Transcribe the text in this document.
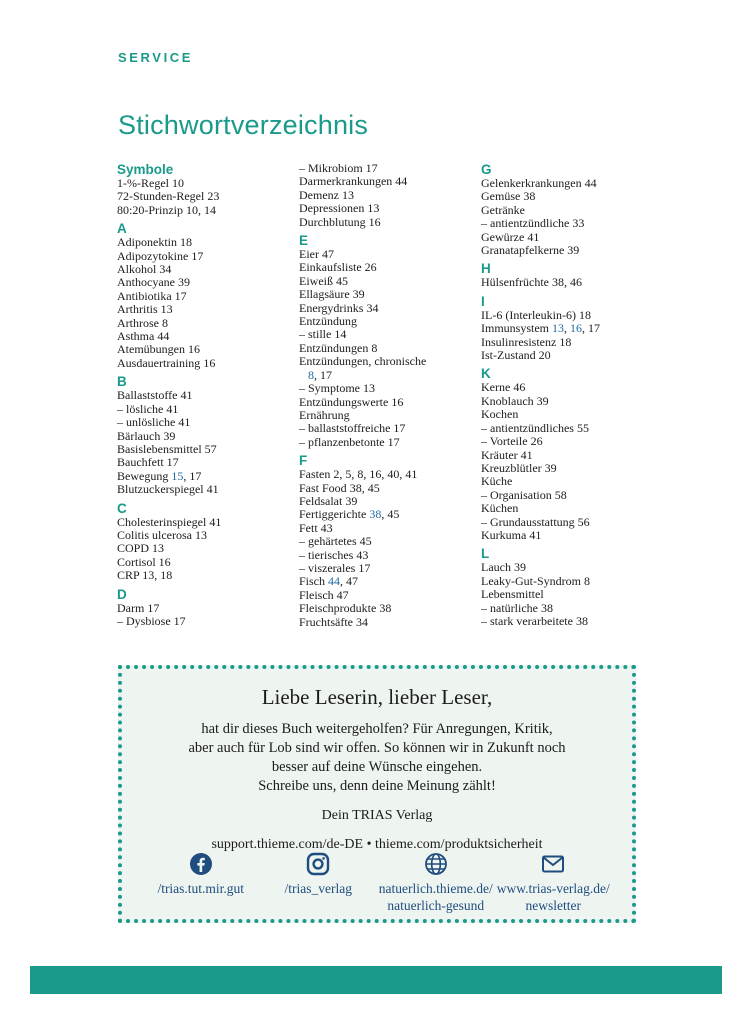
SERVICE
Stichwortverzeichnis
Symbole
1-%-Regel 10
72-Stunden-Regel 23
80:20-Prinzip 10, 14
A
Adiponektin 18
Adipozytokine 17
Alkohol 34
Anthocyane 39
Antibiotika 17
Arthritis 13
Arthrose 8
Asthma 44
Atemübungen 16
Ausdauertraining 16
B
Ballaststoffe 41
– lösliche 41
– unlösliche 41
Bärlauch 39
Basislebensmittel 57
Bauchfett 17
Bewegung 15, 17
Blutzuckerspiegel 41
C
Cholesterinspiegel 41
Colitis ulcerosa 13
COPD 13
Cortisol 16
CRP 13, 18
D
Darm 17
– Dysbiose 17
– Mikrobiom 17
Darmerkrankungen 44
Demenz 13
Depressionen 13
Durchblutung 16
E
Eier 47
Einkaufsliste 26
Eiweiß 45
Ellagsäure 39
Energydrinks 34
Entzündung
– stille 14
Entzündungen 8
Entzündungen, chronische
8, 17
– Symptome 13
Entzündungswerte 16
Ernährung
– ballaststoffreiche 17
– pflanzenbetonte 17
F
Fasten 2, 5, 8, 16, 40, 41
Fast Food 38, 45
Feldsalat 39
Fertiggerichte 38, 45
Fett 43
– gehärtetes 45
– tierisches 43
– viszerales 17
Fisch 44, 47
Fleisch 47
Fleischprodukte 38
Fruchtsäfte 34
G
Gelenkerkrankungen 44
Gemüse 38
Getränke
– antientzündliche 33
Gewürze 41
Granatapfelkerne 39
H
Hülsenfrüchte 38, 46
I
IL-6 (Interleukin-6) 18
Immunsystem 13, 16, 17
Insulinresistenz 18
Ist-Zustand 20
K
Kerne 46
Knoblauch 39
Kochen
– antientzündliches 55
– Vorteile 26
Kräuter 41
Kreuzblütler 39
Küche
– Organisation 58
Küchen
– Grundausstattung 56
Kurkuma 41
L
Lauch 39
Leaky-Gut-Syndrom 8
Lebensmittel
– natürliche 38
– stark verarbeitete 38
Liebe Leserin, lieber Leser,
hat dir dieses Buch weitergeholfen? Für Anregungen, Kritik,
aber auch für Lob sind wir offen. So können wir in Zukunft noch
besser auf deine Wünsche eingehen.
Schreibe uns, denn deine Meinung zählt!
Dein TRIAS Verlag
support.thieme.com/de-DE • thieme.com/produktsicherheit
/trias.tut.mir.gut	/trias_verlag	natuerlich.thieme.de/
natuerlich-gesund
www.trias-verlag.de/
newsletter
